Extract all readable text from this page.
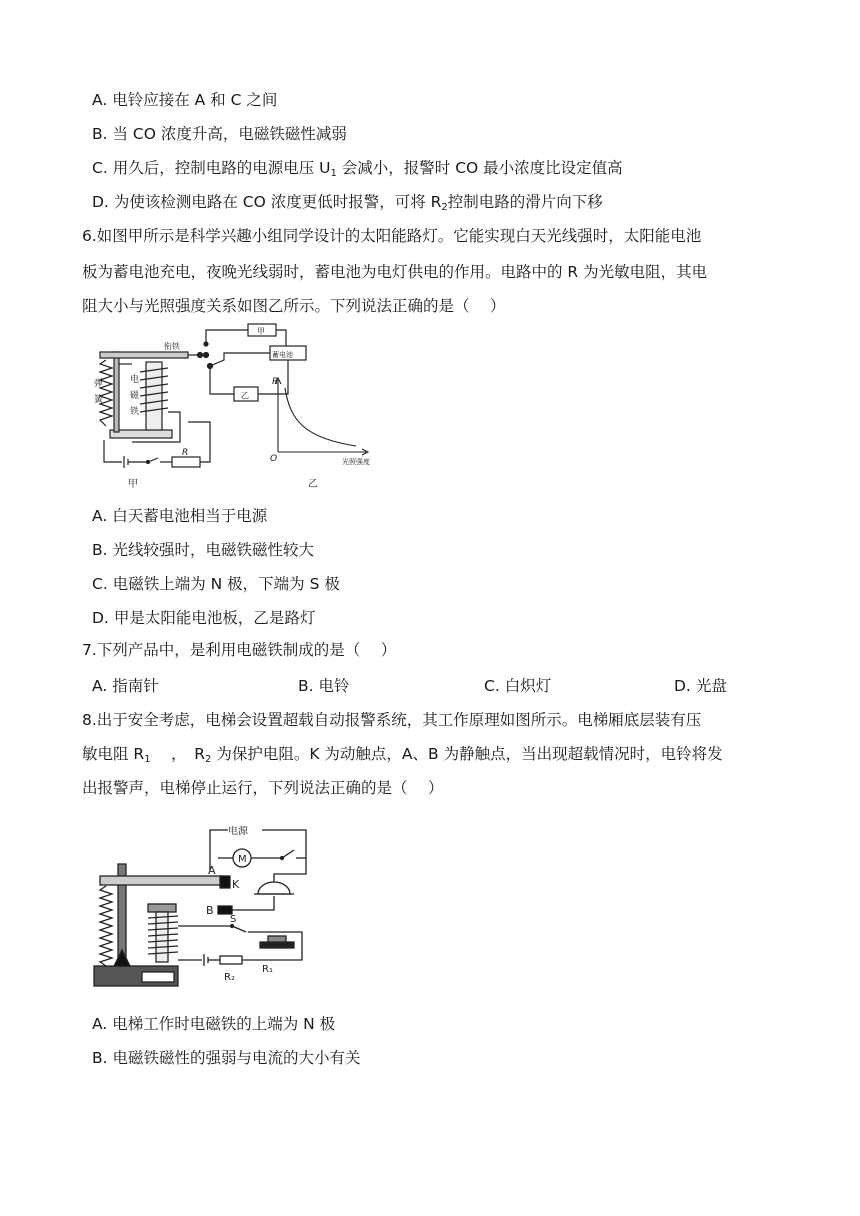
A. 电铃应接在 A 和 C 之间
B. 当 CO 浓度升高，电磁铁磁性减弱
C. 用久后，控制电路的电源电压 $U_1$ 会减小，报警时 CO 最小浓度比设定值高
D. 为使该检测电路在 CO 浓度更低时报警，可将 $R_2$控制电路的滑片向下移
6.如图甲所示是科学兴趣小组同学设计的太阳能路灯。它能实现白天光线强时，太阳能电池
板为蓄电池充电，夜晚光线弱时，蓄电池为电灯供电的作用。电路中的 R 为光敏电阻，其电
阻大小与光照强度关系如图乙所示。下列说法正确的是（　 ）
衔铁
甲
蓄电池
乙
弹
簧
电
磁
铁
R
甲
R
O	光照强度
乙
A. 白天蓄电池相当于电源
B. 光线较强时，电磁铁磁性较大
C. 电磁铁上端为 N 极，下端为 S 极
D. 甲是太阳能电池板，乙是路灯
7.下列产品中，是利用电磁铁制成的是（　 ）
A. 指南针	B. 电铃	C. 白炽灯	D. 光盘
8.出于安全考虑，电梯会设置超载自动报警系统，其工作原理如图所示。电梯厢底层装有压
敏电阻 $R_1$　 ，　$R_2$ 为保护电阻。K 为动触点，A、B 为静触点，当出现超载情况时，电铃将发
出报警声，电梯停止运行，下列说法正确的是（　 ）
电源
M
A
K
B
S
R₂
R₁
A. 电梯工作时电磁铁的上端为 N 极
B. 电磁铁磁性的强弱与电流的大小有关
